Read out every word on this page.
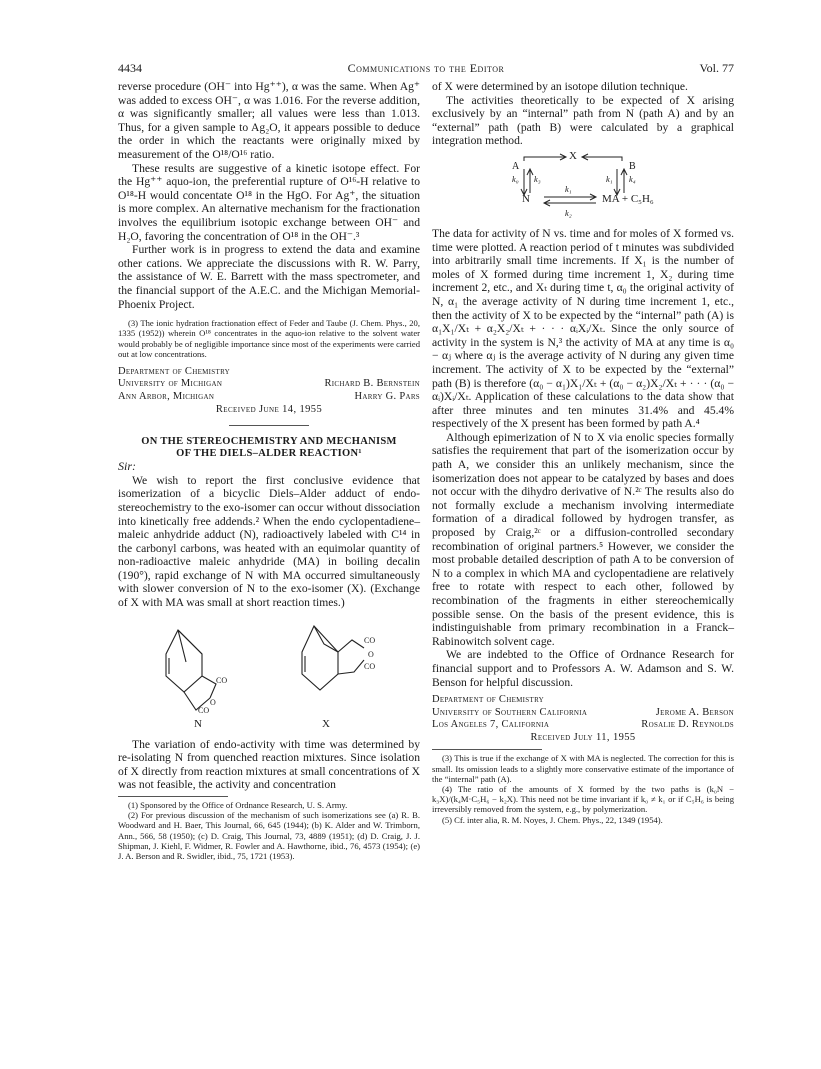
4434	Communications to the Editor	Vol. 77

reverse procedure (OH⁻ into Hg⁺⁺), α was the same. When Ag⁺ was added to excess OH⁻, α was 1.016. For the reverse addition, α was significantly smaller; all values were less than 1.013. Thus, for a given sample to Ag₂O, it appears possible to deduce the order in which the reactants were originally mixed by measurement of the O¹⁸/O¹⁶ ratio.

These results are suggestive of a kinetic isotope effect. For the Hg⁺⁺ aquo-ion, the preferential rupture of O¹⁶-H relative to O¹⁸-H would concentate O¹⁸ in the HgO. For Ag⁺, the situation is more complex. An alternative mechanism for the fractionation involves the equilibrium isotopic exchange between OH⁻ and H₂O, favoring the concentration of O¹⁸ in the OH⁻.³

Further work is in progress to extend the data and examine other cations. We appreciate the discussions with R. W. Parry, the assistance of W. E. Barrett with the mass spectrometer, and the financial support of the A.E.C. and the Michigan Memorial-Phoenix Project.

(3) The ionic hydration fractionation effect of Feder and Taube (J. Chem. Phys., 20, 1335 (1952)) wherein O¹⁸ concentrates in the aquo-ion relative to the solvent water would probably be of negligible importance since most of the experiments were carried out at low concentrations.

Department of Chemistry
University of Michigan	Richard B. Bernstein
Ann Arbor, Michigan	Harry G. Pars
Received June 14, 1955
ON THE STEREOCHEMISTRY AND MECHANISM
OF THE DIELS–ALDER REACTION¹
Sir:

We wish to report the first conclusive evidence that isomerization of a bicyclic Diels–Alder adduct of endo-stereochemistry to the exo-isomer can occur without dissociation into kinetically free addends.² When the endo cyclopentadiene–maleic anhydride adduct (N), radioactively labeled with C¹⁴ in the carbonyl carbons, was heated with an equimolar quantity of non-radioactive maleic anhydride (MA) in boiling decalin (190°), rapid exchange of N with MA occurred simultaneously with slower conversion of N to the exo-isomer (X). (Exchange of X with MA was small at short reaction times.)

CO
O
CO
CO
O
CO
N	X

The variation of endo-activity with time was determined by re-isolating N from quenched reaction mixtures. Since isolation of X directly from reaction mixtures at small concentrations of X was not feasible, the activity and concentration

(1) Sponsored by the Office of Ordnance Research, U. S. Army.

(2) For previous discussion of the mechanism of such isomerizations see (a) R. B. Woodward and H. Baer, This Journal, 66, 645 (1944); (b) K. Alder and W. Trimborn, Ann., 566, 58 (1950); (c) D. Craig, This Journal, 73, 4889 (1951); (d) D. Craig, J. J. Shipman, J. Kiehl, F. Widmer, R. Fowler and A. Hawthorne, ibid., 76, 4573 (1954); (e) J. A. Berson and R. Swidler, ibid., 75, 1721 (1953).

of X were determined by an isotope dilution technique.

The activities theoretically to be expected of X arising exclusively by an “internal” path from N (path A) and by an “external” path (path B) were calculated by a graphical integration method.

X
A	B
k₀ k₃
k₁
k₁ k₄
N	MA + C₅H₆
k₂

The data for activity of N vs. time and for moles of X formed vs. time were plotted. A reaction period of t minutes was subdivided into arbitrarily small time increments. If X₁ is the number of moles of X formed during time increment 1, X₂ during time increment 2, etc., and Xₜ during time t, α₀ the original activity of N, α₁ the average activity of N during time increment 1, etc., then the activity of X to be expected by the “internal” path (A) is α₁X₁/Xₜ + α₂X₂/Xₜ + · · · αᵢXᵢ/Xₜ. Since the only source of activity in the system is N,³ the activity of MA at any time is α₀ − αⱼ where αⱼ is the average activity of N during any given time increment. The activity of X to be expected by the “external” path (B) is therefore (α₀ − α₁)X₁/Xₜ + (α₀ − α₂)X₂/Xₜ + · · · (α₀ − αᵢ)Xᵢ/Xₜ. Application of these calculations to the data show that after three minutes and ten minutes 31.4% and 45.4% respectively of the X present has been formed by path A.⁴

Although epimerization of N to X via enolic species formally satisfies the requirement that part of the isomerization occur by path A, we consider this an unlikely mechanism, since the isomerization does not appear to be catalyzed by bases and does not occur with the dihydro derivative of N.²ᶜ The results also do not formally exclude a mechanism involving intermediate formation of a diradical followed by hydrogen transfer, as proposed by Craig,²ᶜ or a diffusion-controlled secondary recombination of original partners.⁵ However, we consider the most probable detailed description of path A to be conversion of N to a complex in which MA and cyclopentadiene are relatively free to rotate with respect to each other, followed by recombination of the fragments in either stereochemically possible sense. On the basis of the present evidence, this is indistinguishable from primary recombination in a Franck–Rabinowitch solvent cage.

We are indebted to the Office of Ordnance Research for financial support and to Professors A. W. Adamson and S. W. Benson for helpful discussion.

Department of Chemistry
University of Southern California	Jerome A. Berson
Los Angeles 7, California	Rosalie D. Reynolds
Received July 11, 1955

(3) This is true if the exchange of X with MA is neglected. The correction for this is small. Its omission leads to a slightly more conservative estimate of the importance of the “internal” path (A).

(4) The ratio of the amounts of X formed by the two paths is (k₀N − k₃X)/(k₄M·C₅H₆ − k₂X). This need not be time invariant if k₀ ≠ k₁ or if C₅H₆ is being irreversibly removed from the system, e.g., by polymerization.

(5) Cf. inter alia, R. M. Noyes, J. Chem. Phys., 22, 1349 (1954).
